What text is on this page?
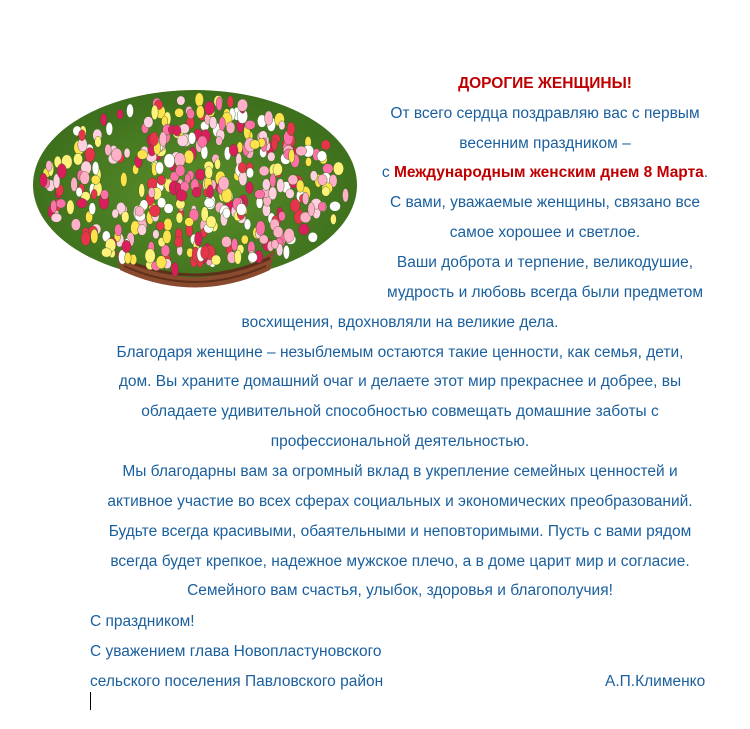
ДОРОГИЕ ЖЕНЩИНЫ!
От всего сердца поздравляю вас с первым
весенним праздником –
с Международным женским днем 8 Марта.
С вами, уважаемые женщины, связано все
самое хорошее и светлое.
Ваши доброта и терпение, великодушие,
мудрость и любовь всегда были предметом
восхищения, вдохновляли на великие дела.
Благодаря женщине – незыблемым остаются такие ценности, как семья, дети,
дом. Вы храните домашний очаг и делаете этот мир прекраснее и добрее, вы
обладаете удивительной способностью совмещать домашние заботы с
профессиональной деятельностью.
Мы благодарны вам за огромный вклад в укрепление семейных ценностей и
активное участие во всех сферах социальных и экономических преобразований.
Будьте всегда красивыми, обаятельными и неповторимыми. Пусть с вами рядом
всегда будет крепкое, надежное мужское плечо, а в доме царит мир и согласие.
Семейного вам счастья, улыбок, здоровья и благополучия!
С праздником!
С уважением глава Новопластуновского
сельского поселения Павловского район	А.П.Клименко
